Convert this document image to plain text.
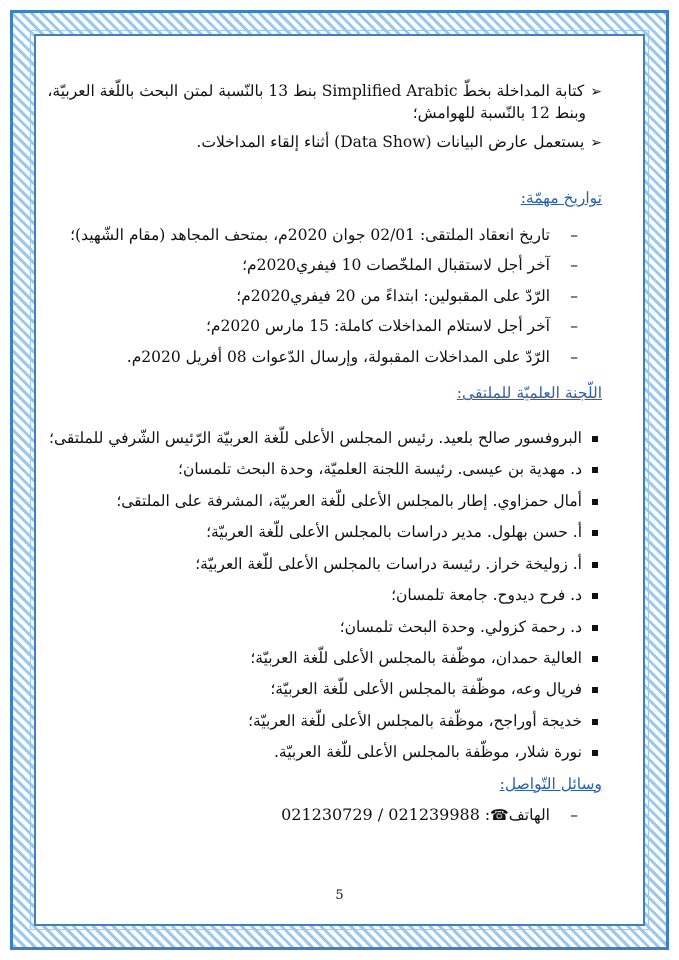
➢كتابة المداخلة بخطّ Simplified Arabic بنط 13 بالنّسبة لمتن البحث باللّغة العربيّة،
وبنط 12 بالنّسبة للهوامش؛
➢يستعمل عارض البيانات (Data Show) أثناء إلقاء المداخلات.
تواريخ مهمّة:
–تاريخ انعقاد الملتقى: 02/01 جوان 2020م، بمتحف المجاهد (مقام الشّهيد)؛
–آخر أجل لاستقبال الملخّصات 10 فيفري2020م؛
–الرّدّ على المقبولين: ابتداءً من 20 فيفري2020م؛
–آخر أجل لاستلام المداخلات كاملة: 15 مارس 2020م؛
–الرّدّ على المداخلات المقبولة، وإرسال الدّعوات 08 أفريل 2020م.
اللّجنة العلميّة للملتقى:
البروفسور صالح بلعيد. رئيس المجلس الأعلى للّغة العربيّة الرّئيس الشّرفي للملتقى؛
د. مهدية بن عيسى. رئيسة اللجنة العلميّة، وحدة البحث تلمسان؛
أمال حمزاوي. إطار بالمجلس الأعلى للّغة العربيّة، المشرفة على الملتقى؛
أ. حسن بهلول. مدير دراسات بالمجلس الأعلى للّغة العربيّة؛
أ. زوليخة خراز. رئيسة دراسات بالمجلس الأعلى للّغة العربيّة؛
د. فرح ديدوح. جامعة تلمسان؛
د. رحمة كزولي. وحدة البحث تلمسان؛
العالية حمدان، موظّفة بالمجلس الأعلى للّغة العربيّة؛
فريال وعه، موظّفة بالمجلس الأعلى للّغة العربيّة؛
خديجة أوراجح، موظّفة بالمجلس الأعلى للّغة العربيّة؛
نورة شلار، موظّفة بالمجلس الأعلى للّغة العربيّة.
وسائل التّواصل:
–الهاتف☎: 021230729 / 021239988
5
